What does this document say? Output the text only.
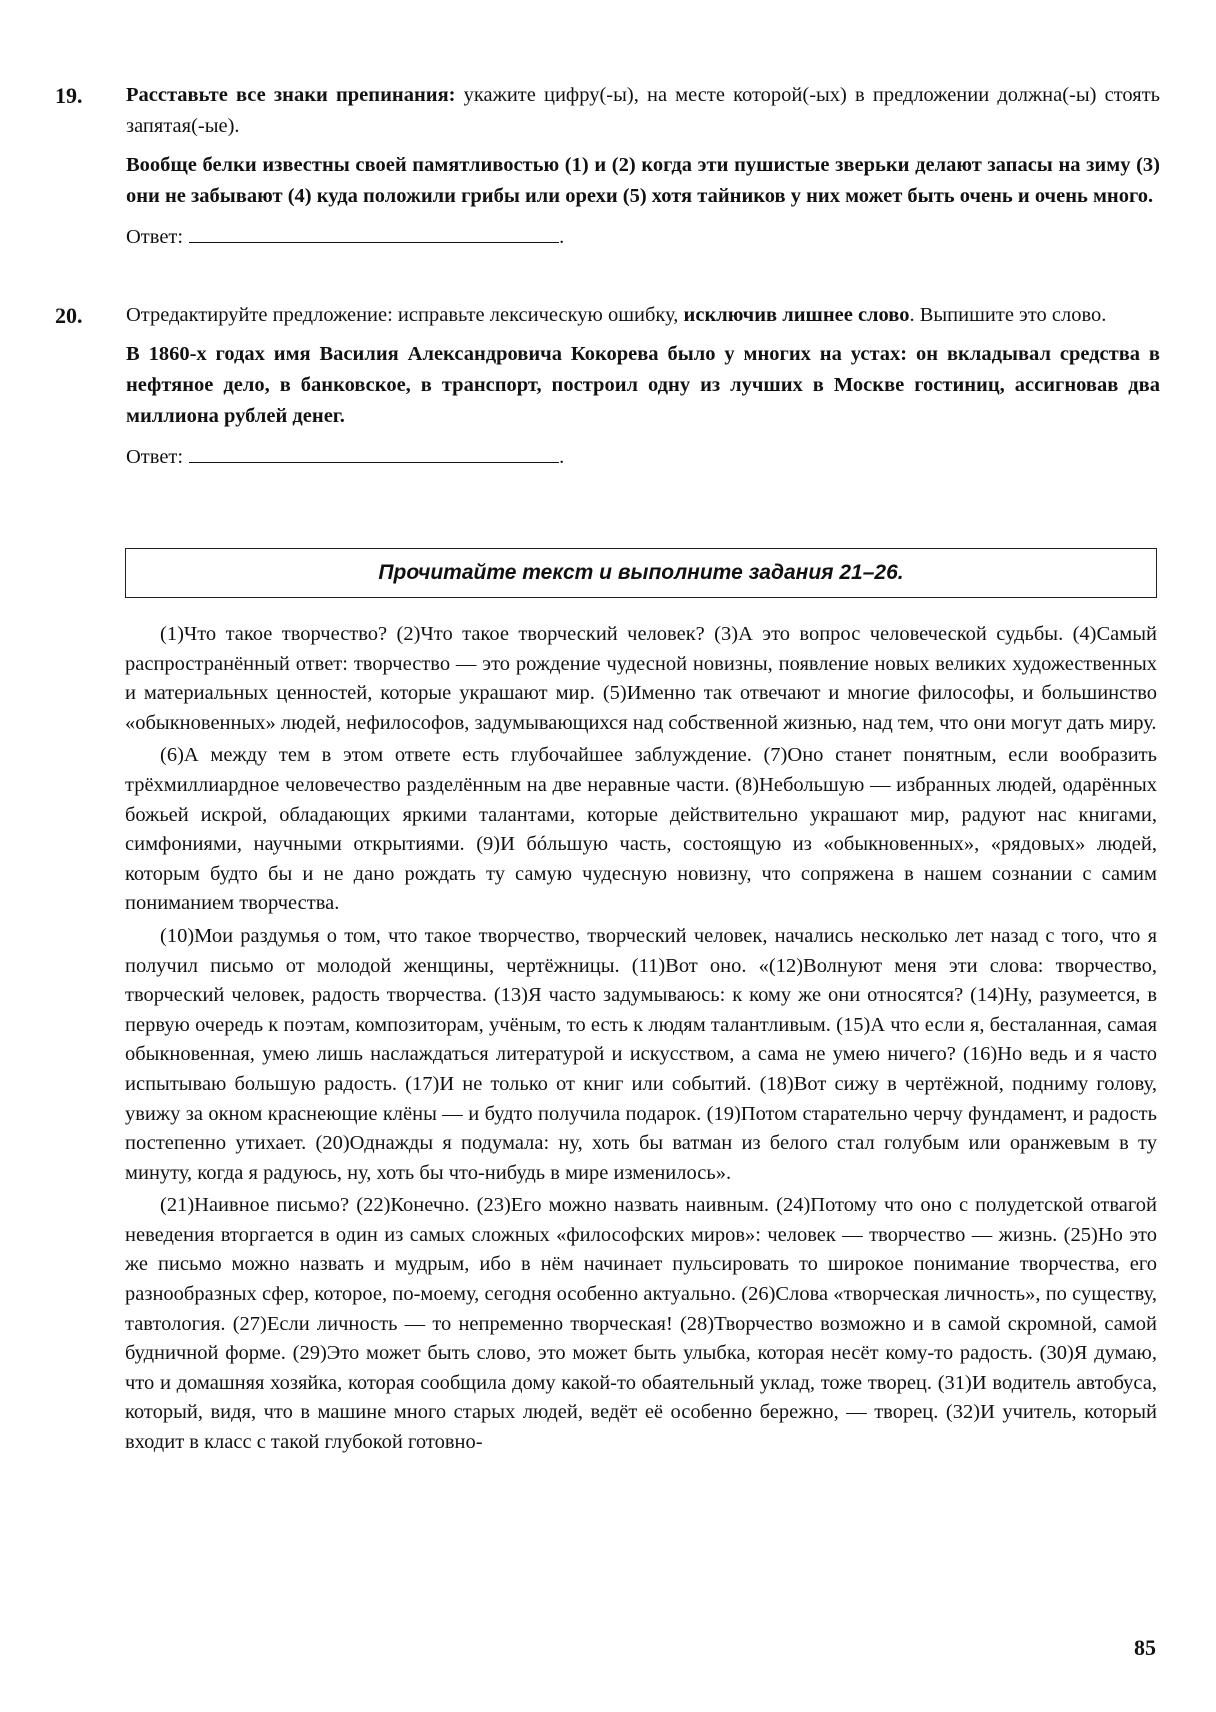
19. Расставьте все знаки препинания: укажите цифру(-ы), на месте которой(-ых) в предложении должна(-ы) стоять запятая(-ые).

Вообще белки известны своей памятливостью (1) и (2) когда эти пушистые зверьки делают запасы на зиму (3) они не забывают (4) куда положили грибы или орехи (5) хотя тайников у них может быть очень и очень много.

Ответ:	.

20. Отредактируйте предложение: исправьте лексическую ошибку, исключив лишнее слово. Выпишите это слово.

В 1860-х годах имя Василия Александровича Кокорева было у многих на устах: он вкладывал средства в нефтяное дело, в банковское, в транспорт, построил одну из лучших в Москве гостиниц, ассигновав два миллиона рублей денег.

Ответ:	.

Прочитайте текст и выполните задания 21–26.

(1)Что такое творчество? (2)Что такое творческий человек? (3)А это вопрос человеческой судьбы. (4)Самый распространённый ответ: творчество — это рождение чудесной новизны, появление новых великих художественных и материальных ценностей, которые украшают мир. (5)Именно так отвечают и многие философы, и большинство «обыкновенных» людей, нефилософов, задумывающихся над собственной жизнью, над тем, что они могут дать миру.

(6)А между тем в этом ответе есть глубочайшее заблуждение. (7)Оно станет понятным, если вообразить трёхмиллиардное человечество разделённым на две неравные части. (8)Небольшую — избранных людей, одарённых божьей искрой, обладающих яркими талантами, которые действительно украшают мир, радуют нас книгами, симфониями, научными открытиями. (9)И бóльшую часть, состоящую из «обыкновенных», «рядовых» людей, которым будто бы и не дано рождать ту самую чудесную новизну, что сопряжена в нашем сознании с самим пониманием творчества.

(10)Мои раздумья о том, что такое творчество, творческий человек, начались несколько лет назад с того, что я получил письмо от молодой женщины, чертёжницы. (11)Вот оно. «(12)Волнуют меня эти слова: творчество, творческий человек, радость творчества. (13)Я часто задумываюсь: к кому же они относятся? (14)Ну, разумеется, в первую очередь к поэтам, композиторам, учёным, то есть к людям талантливым. (15)А что если я, бесталанная, самая обыкновенная, умею лишь наслаждаться литературой и искусством, а сама не умею ничего? (16)Но ведь и я часто испытываю большую радость. (17)И не только от книг или событий. (18)Вот сижу в чертёжной, подниму голову, увижу за окном краснеющие клёны — и будто получила подарок. (19)Потом старательно черчу фундамент, и радость постепенно утихает. (20)Однажды я подумала: ну, хоть бы ватман из белого стал голубым или оранжевым в ту минуту, когда я радуюсь, ну, хоть бы что-нибудь в мире изменилось».

(21)Наивное письмо? (22)Конечно. (23)Его можно назвать наивным. (24)Потому что оно с полудетской отвагой неведения вторгается в один из самых сложных «философских миров»: человек — творчество — жизнь. (25)Но это же письмо можно назвать и мудрым, ибо в нём начинает пульсировать то широкое понимание творчества, его разнообразных сфер, которое, по-моему, сегодня особенно актуально. (26)Слова «творческая личность», по существу, тавтология. (27)Если личность — то непременно творческая! (28)Творчество возможно и в самой скромной, самой будничной форме. (29)Это может быть слово, это может быть улыбка, которая несёт кому-то радость. (30)Я думаю, что и домашняя хозяйка, которая сообщила дому какой-то обаятельный уклад, тоже творец. (31)И водитель автобуса, который, видя, что в машине много старых людей, ведёт её особенно бережно, — творец. (32)И учитель, который входит в класс с такой глубокой готовно-

85
